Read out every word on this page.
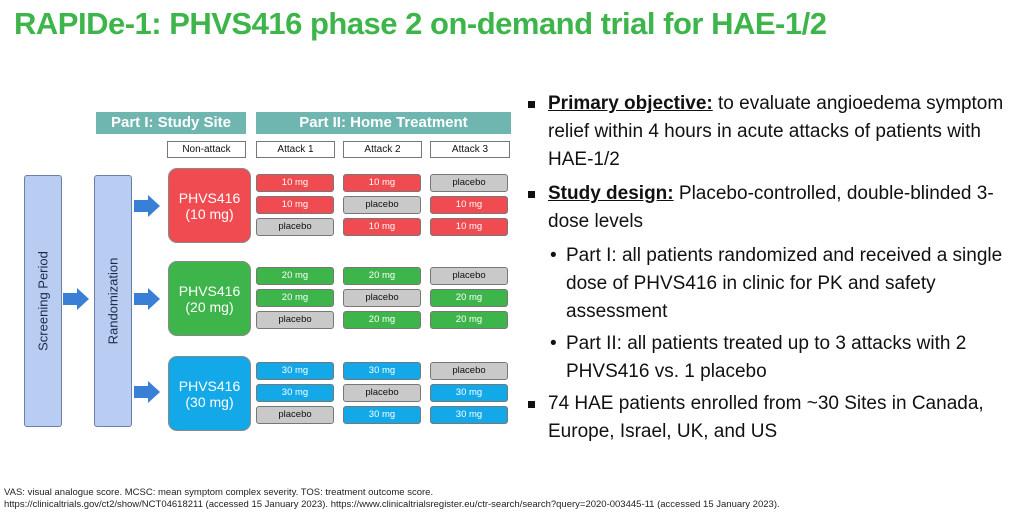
RAPIDe-1: PHVS416 phase 2 on-demand trial for HAE-1/2
Part I: Study Site	Part II: Home Treatment
Non-attack	Attack 1	Attack 2	Attack 3
Screening Period	Randomization
PHVS416
(10 mg)
10 mg	10 mg	placebo
10 mg	placebo	10 mg
placebo	10 mg	10 mg
PHVS416
(20 mg)
20 mg	20 mg	placebo
20 mg	placebo	20 mg
placebo	20 mg	20 mg
PHVS416
(30 mg)
30 mg	30 mg	placebo
30 mg	placebo	30 mg
placebo	30 mg	30 mg
Primary objective: to evaluate angioedema symptom relief within 4 hours in acute attacks of patients with HAE-1/2
Study design: Placebo-controlled, double-blinded 3-dose levels
• Part I: all patients randomized and received a single dose of PHVS416 in clinic for PK and safety assessment
• Part II: all patients treated up to 3 attacks with 2 PHVS416 vs. 1 placebo
74 HAE patients enrolled from ~30 Sites in Canada, Europe, Israel, UK, and US
VAS: visual analogue score. MCSC: mean symptom complex severity. TOS: treatment outcome score.
https://clinicaltrials.gov/ct2/show/NCT04618211 (accessed 15 January 2023). https://www.clinicaltrialsregister.eu/ctr-search/search?query=2020-003445-11 (accessed 15 January 2023).
